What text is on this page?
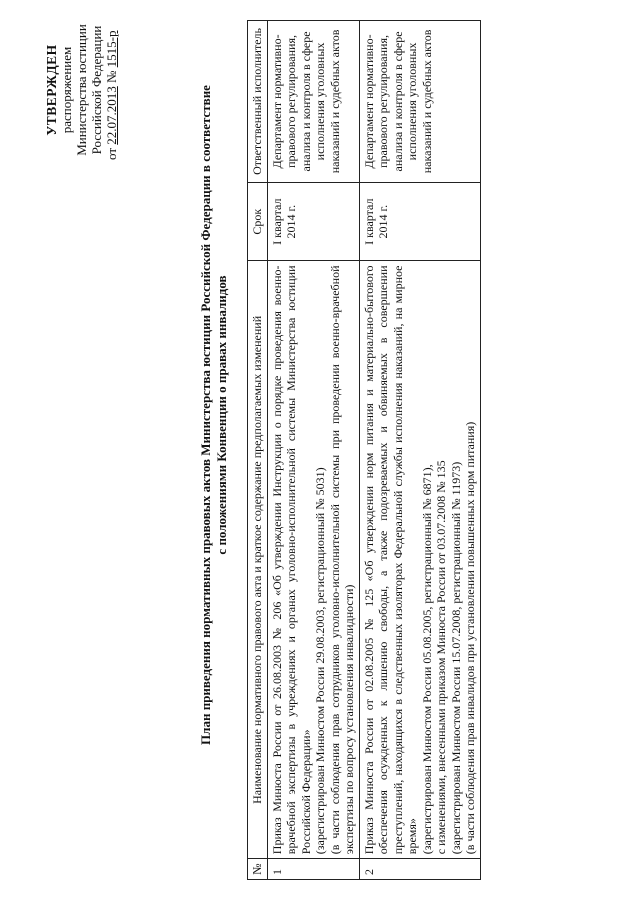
УТВЕРЖДЕН распоряжением Министерства юстиции Российской Федерации от 22.07.2013 № 1515-р
План приведения нормативных правовых актов Министерства юстиции Российской Федерации в соответствие с положениями Конвенции о правах инвалидов
№	Наименование нормативного правового акта и краткое содержание предполагаемых изменений	Срок	Ответственный исполнитель
1	Приказ Минюста России от 26.08.2003 № 206 «Об утверждении Инструкции о порядке проведения военно-врачебной экспертизы в учреждениях и органах уголовно-исполнительной системы Министерства юстиции Российской Федерации» (зарегистрирован Минюстом России 29.08.2003, регистрационный № 5031) (в части соблюдения прав сотрудников уголовно-исполнительной системы при проведении военно-врачебной экспертизы по вопросу установления инвалидности)	I квартал 2014 г.	Департамент нормативно-правового регулирования, анализа и контроля в сфере исполнения уголовных наказаний и судебных актов
2	Приказ Минюста России от 02.08.2005 № 125 «Об утверждении норм питания и материально-бытового обеспечения осужденных к лишению свободы, а также подозреваемых и обвиняемых в совершении преступлений, находящихся в следственных изоляторах Федеральной службы исполнения наказаний, на мирное время» (зарегистрирован Минюстом России 05.08.2005, регистрационный № 6871), с изменениями, внесенными приказом Минюста России от 03.07.2008 № 135 (зарегистрирован Минюстом России 15.07.2008, регистрационный № 11973) (в части соблюдения прав инвалидов при установлении повышенных норм питания)	I квартал 2014 г.	Департамент нормативно-правового регулирования, анализа и контроля в сфере исполнения уголовных наказаний и судебных актов
